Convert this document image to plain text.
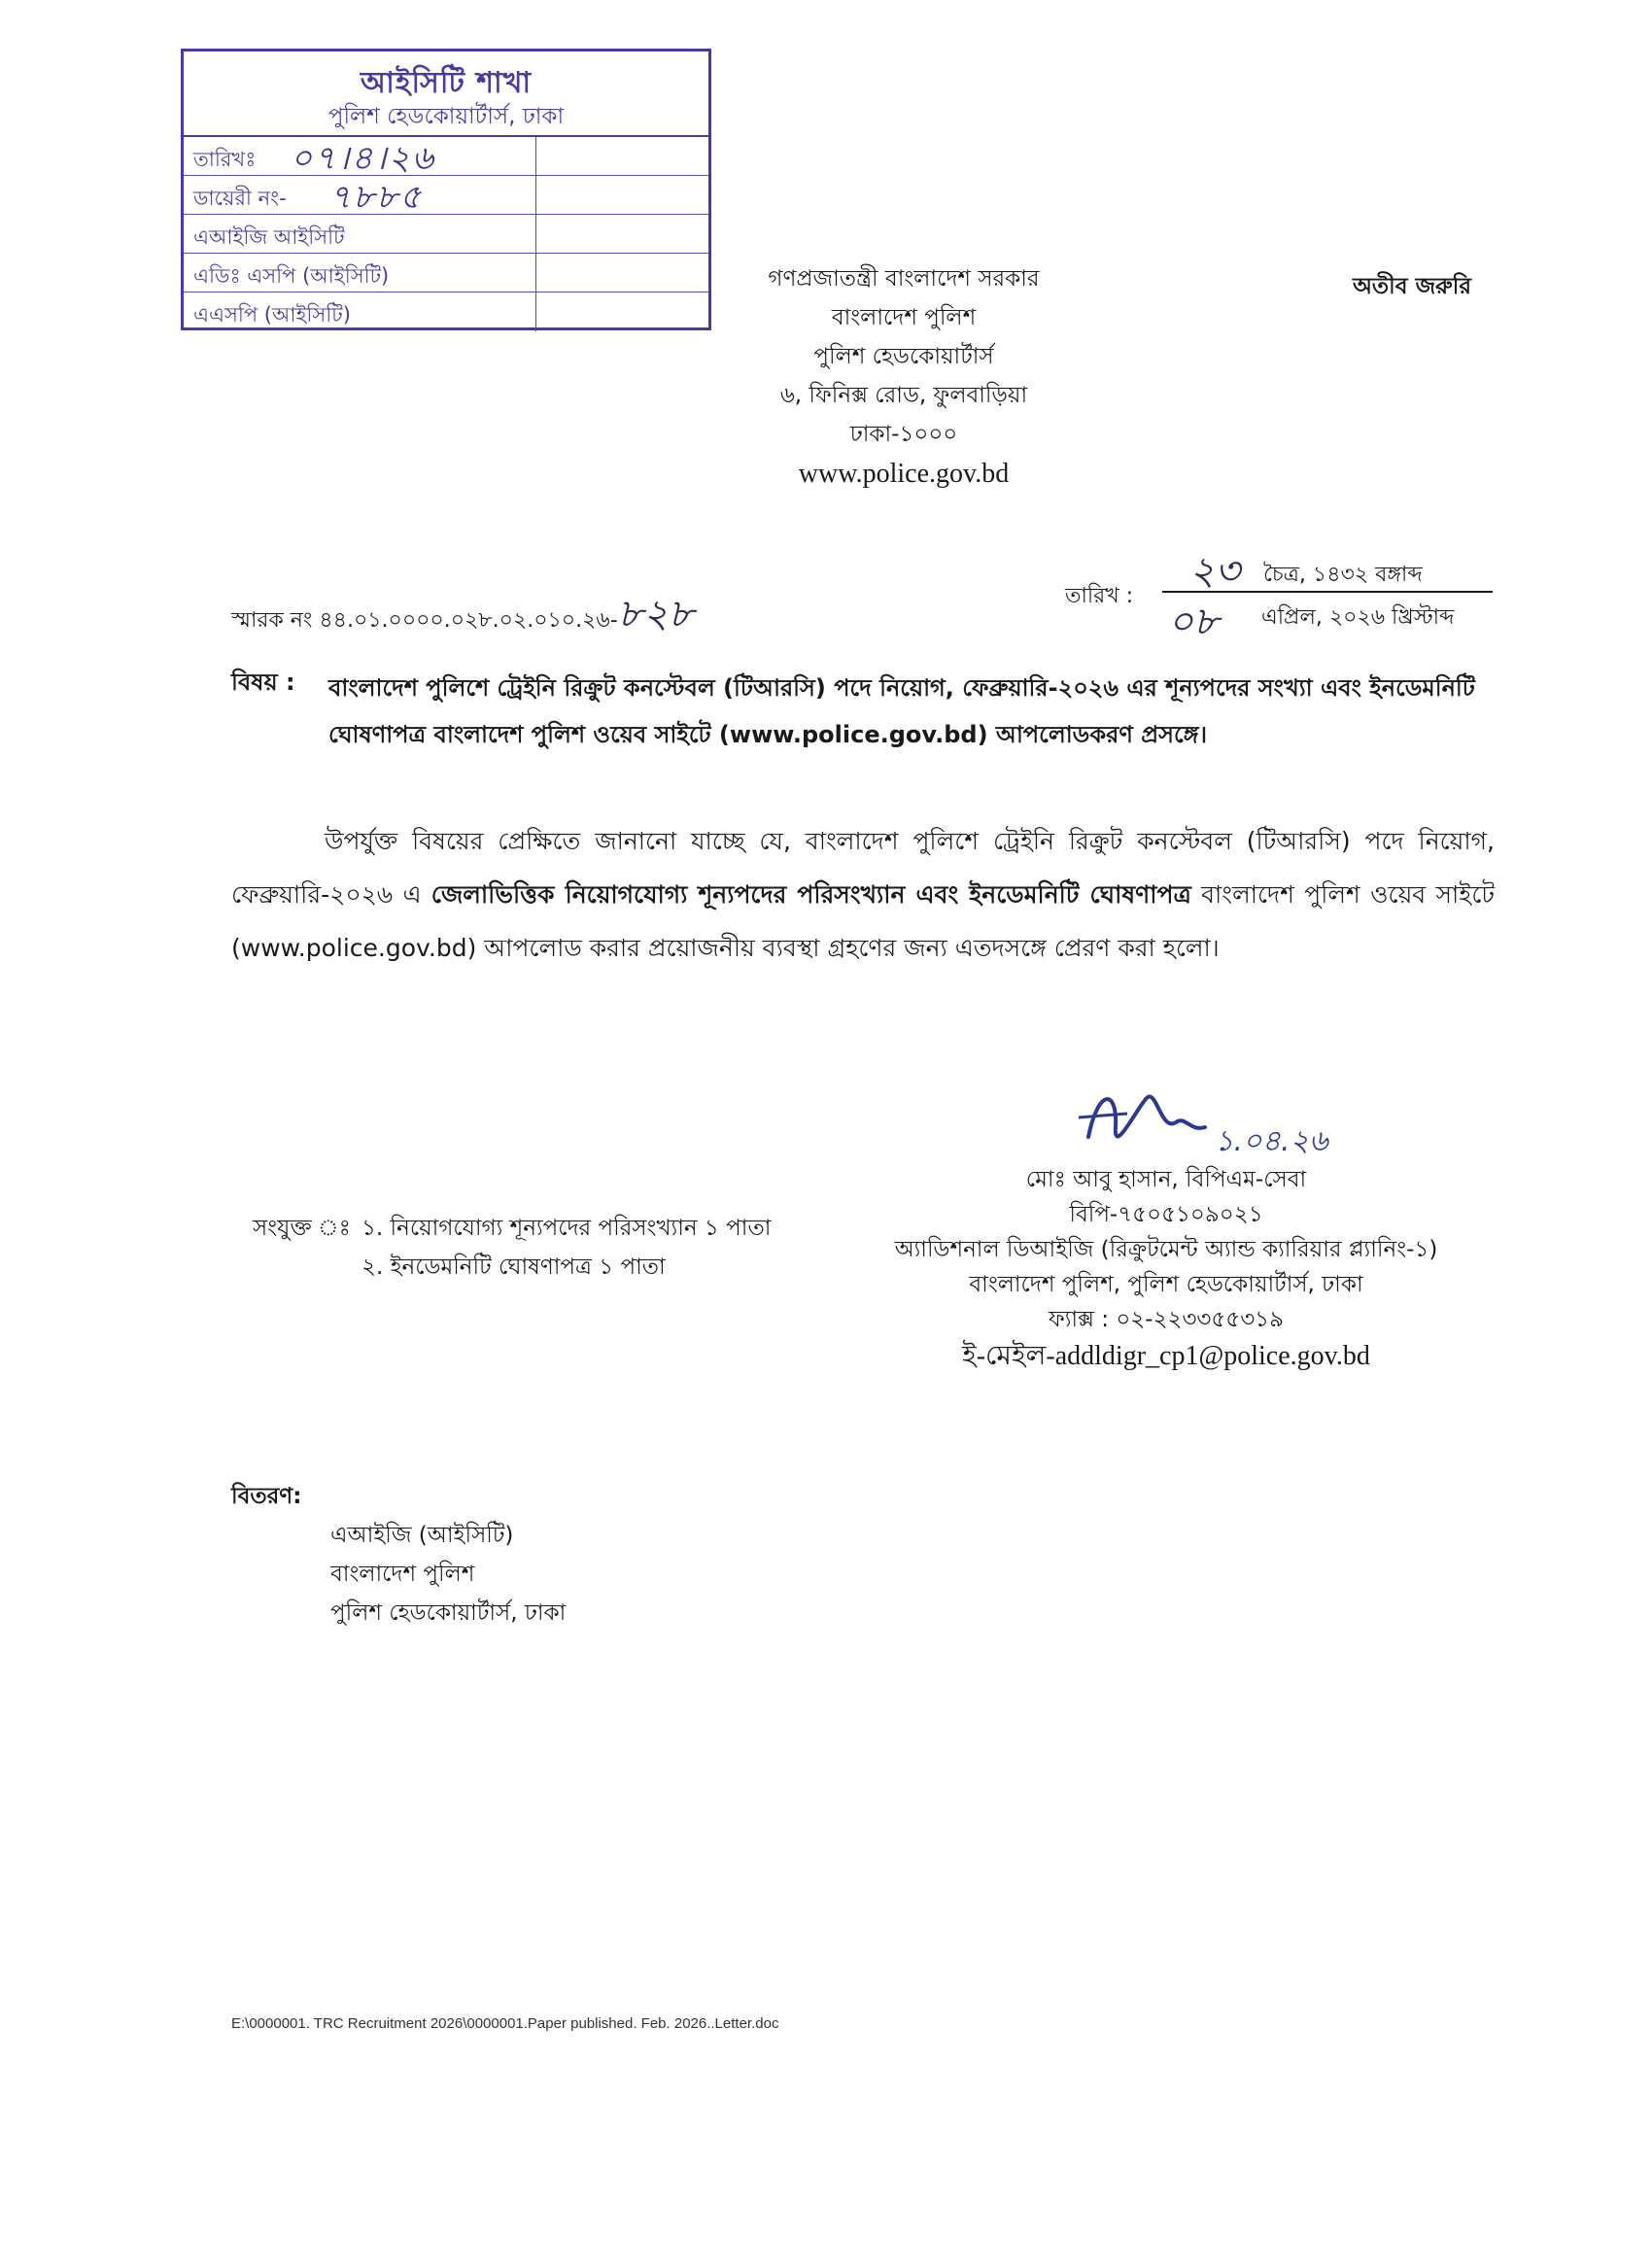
আইসিটি শাখা
পুলিশ হেডকোয়ার্টার্স, ঢাকা
তারিখঃ ০৭।৪।২৬
ডায়েরী নং- ৭৮৮৫
এআইজি আইসিটি
এডিঃ এসপি (আইসিটি)
এএসপি (আইসিটি)
গণপ্রজাতন্ত্রী বাংলাদেশ সরকার
বাংলাদেশ পুলিশ
পুলিশ হেডকোয়ার্টার্স
৬, ফিনিক্স রোড, ফুলবাড়িয়া
ঢাকা-১০০০
www.police.gov.bd
অতীব জরুরি
স্মারক নং ৪৪.০১.০০০০.০২৮.০২.০১০.২৬-৮২৮	তারিখ :
২৩ চৈত্র, ১৪৩২ বঙ্গাব্দ
০৮ এপ্রিল, ২০২৬ খ্রিস্টাব্দ
বিষয় : বাংলাদেশ পুলিশে ট্রেইনি রিক্রুট কনস্টেবল (টিআরসি) পদে নিয়োগ, ফেব্রুয়ারি-২০২৬ এর শূন্যপদের সংখ্যা এবং ইনডেমনিটি ঘোষণাপত্র বাংলাদেশ পুলিশ ওয়েব সাইটে (www.police.gov.bd) আপলোডকরণ প্রসঙ্গে।
উপর্যুক্ত বিষয়ের প্রেক্ষিতে জানানো যাচ্ছে যে, বাংলাদেশ পুলিশে ট্রেইনি রিক্রুট কনস্টেবল (টিআরসি) পদে নিয়োগ, ফেব্রুয়ারি-২০২৬ এ জেলাভিত্তিক নিয়োগযোগ্য শূন্যপদের পরিসংখ্যান এবং ইনডেমনিটি ঘোষণাপত্র বাংলাদেশ পুলিশ ওয়েব সাইটে (www.police.gov.bd) আপলোড করার প্রয়োজনীয় ব্যবস্থা গ্রহণের জন্য এতদসঙ্গে প্রেরণ করা হলো।
১.০৪.২৬
মোঃ আবু হাসান, বিপিএম-সেবা
বিপি-৭৫০৫১০৯০২১
অ্যাডিশনাল ডিআইজি (রিক্রুটমেন্ট অ্যান্ড ক্যারিয়ার প্ল্যানিং-১)
বাংলাদেশ পুলিশ, পুলিশ হেডকোয়ার্টার্স, ঢাকা
ফ্যাক্স : ০২-২২৩৩৫৫৩১৯
ই-মেইল-addldigr_cp1@police.gov.bd
সংযুক্ত ঃ ১. নিয়োগযোগ্য শূন্যপদের পরিসংখ্যান ১ পাতা
২. ইনডেমনিটি ঘোষণাপত্র ১ পাতা
বিতরণ:
এআইজি (আইসিটি)
বাংলাদেশ পুলিশ
পুলিশ হেডকোয়ার্টার্স, ঢাকা
E:\0000001. TRC Recruitment 2026\0000001.Paper published. Feb. 2026..Letter.doc
